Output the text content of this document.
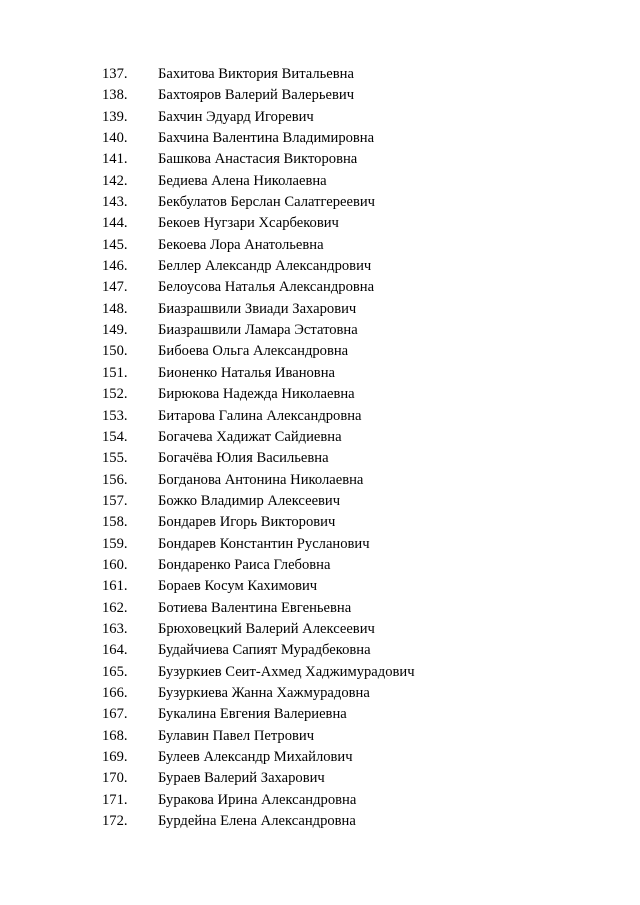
137.	Бахитова Виктория Витальевна
138.	Бахтояров Валерий Валерьевич
139.	Бахчин Эдуард Игоревич
140.	Бахчина Валентина Владимировна
141.	Башкова Анастасия Викторовна
142.	Бедиева Алена Николаевна
143.	Бекбулатов Берслан Салатгереевич
144.	Бекоев Нугзари Хсарбекович
145.	Бекоева Лора Анатольевна
146.	Беллер Александр Александрович
147.	Белоусова Наталья Александровна
148.	Биазрашвили Звиади Захарович
149.	Биазрашвили Ламара Эстатовна
150.	Бибоева Ольга Александровна
151.	Бионенко Наталья Ивановна
152.	Бирюкова Надежда Николаевна
153.	Битарова Галина Александровна
154.	Богачева Хадижат Сайдиевна
155.	Богачёва Юлия Васильевна
156.	Богданова Антонина Николаевна
157.	Божко Владимир Алексеевич
158.	Бондарев Игорь Викторович
159.	Бондарев Константин Русланович
160.	Бондаренко Раиса Глебовна
161.	Бораев Косум Кахимович
162.	Ботиева Валентина Евгеньевна
163.	Брюховецкий Валерий Алексеевич
164.	Будайчиева Сапият Мурадбековна
165.	Бузуркиев Сеит-Ахмед Хаджимурадович
166.	Бузуркиева Жанна Хажмурадовна
167.	Букалина Евгения Валериевна
168.	Булавин Павел Петрович
169.	Булеев Александр Михайлович
170.	Бураев Валерий Захарович
171.	Буракова Ирина Александровна
172.	Бурдейна Елена Александровна
